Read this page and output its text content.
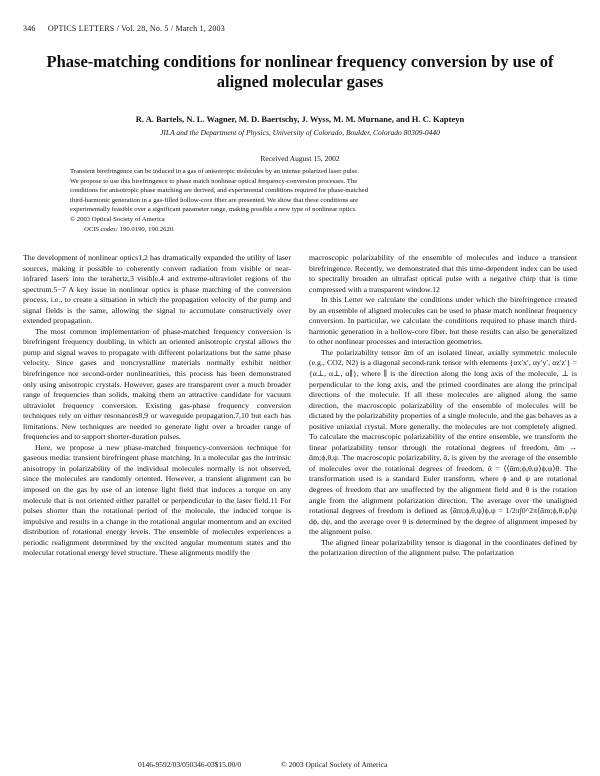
346 OPTICS LETTERS / Vol. 28, No. 5 / March 1, 2003
Phase-matching conditions for nonlinear frequency conversion by use of aligned molecular gases
R. A. Bartels, N. L. Wagner, M. D. Baertschy, J. Wyss, M. M. Murnane, and H. C. Kapteyn
JILA and the Department of Physics, University of Colorado, Boulder, Colorado 80309-0440
Received August 15, 2002
Transient birefringence can be induced in a gas of anisotropic molecules by an intense polarized laser pulse.
We propose to use this birefringence to phase match nonlinear optical frequency-conversion processes. The
conditions for anisotropic phase matching are derived, and experimental conditions required for phase-matched
third-harmonic generation in a gas-filled hollow-core fiber are presented. We show that these conditions are
experimentally feasible over a significant parameter range, making possible a new type of nonlinear optics.
© 2003 Optical Society of America
OCIS codes: 190.0190, 190.2620.

The development of nonlinear optics1,2 has dramatically expanded the utility of laser sources, making it possible to coherently convert radiation from visible or near-infrared lasers into the terahertz,3 visible,4 and extreme-ultraviolet regions of the spectrum.5−7 A key issue in nonlinear optics is phase matching of the conversion process, i.e., to create a situation in which the propagation velocity of the pump and signal fields is the same, allowing the signal to accumulate constructively over extended propagation.

The most common implementation of phase-matched frequency conversion is birefringent frequency doubling, in which an oriented anisotropic crystal allows the pump and signal waves to propagate with different polarizations but the same phase velocity. Since gases and noncrystalline materials normally exhibit neither birefringence nor second-order nonlinearities, this process has been demonstrated only using anisotropic crystals. However, gases are transparent over a much broader range of frequencies than solids, making them an attractive candidate for vacuum ultraviolet frequency conversion. Existing gas-phase frequency conversion techniques rely on either resonances8,9 or waveguide propagation,7,10 but each has limitations. New techniques are needed to generate light over a broader range of frequencies and to support shorter-duration pulses.

Here, we propose a new phase-matched frequency-conversion technique for gaseous media: transient birefringent phase matching. In a molecular gas the intrinsic anisotropy in polarizability of the individual molecules normally is not observed, since the molecules are randomly oriented. However, a transient alignment can be imposed on the gas by use of an intense light field that induces a torque on any molecule that is not oriented either parallel or perpendicular to the laser field.11 For pulses shorter than the rotational period of the molecule, the induced torque is impulsive and results in a change in the rotational angular momentum and an excited distribution of rotational energy levels. The ensemble of molecules experiences a periodic realignment determined by the excited angular momentum states and the molecular rotational energy level structure. These alignments modify the

macroscopic polarizability of the ensemble of molecules and induce a transient birefringence. Recently, we demonstrated that this time-dependent index can be used to spectrally broaden an ultrafast optical pulse with a negative chirp that is time compressed with a transparent window.12

In this Letter we calculate the conditions under which the birefringence created by an ensemble of aligned molecules can be used to phase match nonlinear frequency conversion. In particular, we calculate the conditions required to phase match third-harmonic generation in a hollow-core fiber, but these results can also be generalized to other nonlinear processes and interaction geometries.

The polarizability tensor ᾱm of an isolated linear, axially symmetric molecule (e.g., CO2, N2) is a diagonal second-rank tensor with elements {αx′x′, αy′y′, αz′z′} = {α⊥, α⊥, α∥}, where ∥ is the direction along the long axis of the molecule, ⊥ is perpendicular to the long axis, and the primed coordinates are along the principal directions of the molecule. If all these molecules are aligned along the same direction, the macroscopic polarizability of the ensemble of molecules will be dictated by the polarizability properties of a single molecule, and the gas behaves as a positive uniaxial crystal. More generally, the molecules are not completely aligned. To calculate the macroscopic polarizability of the entire ensemble, we transform the linear polarizability tensor through the rotational degrees of freedom, ᾱm → ᾱm;ϕ,θ,ψ. The macroscopic polarizability, ᾱ, is given by the average of the ensemble of molecules over the rotational degrees of freedom, ᾱ = ⟨⟨ᾱm;ϕ,θ,ψ⟩ϕ,ψ⟩θ. The transformation used is a standard Euler transform, where ϕ and ψ are rotational degrees of freedom that are unaffected by the alignment field and θ is the rotation angle from the alignment polarization direction. The average over the unaligned rotational degrees of freedom is defined as ⟨ᾱm;ϕ,θ,ψ⟩ϕ,ψ = 1/2π∫0^2π⟨ᾱm;ϕ,θ,ψ⟩ψ dϕ, dψ, and the average over θ is determined by the degree of alignment imposed by the alignment pulse.

The aligned linear polarizability tensor is diagonal in the coordinates defined by the polarization direction of the alignment pulse. The polarization

0146-9592/03/050346-03$15.00/0	© 2003 Optical Society of America
